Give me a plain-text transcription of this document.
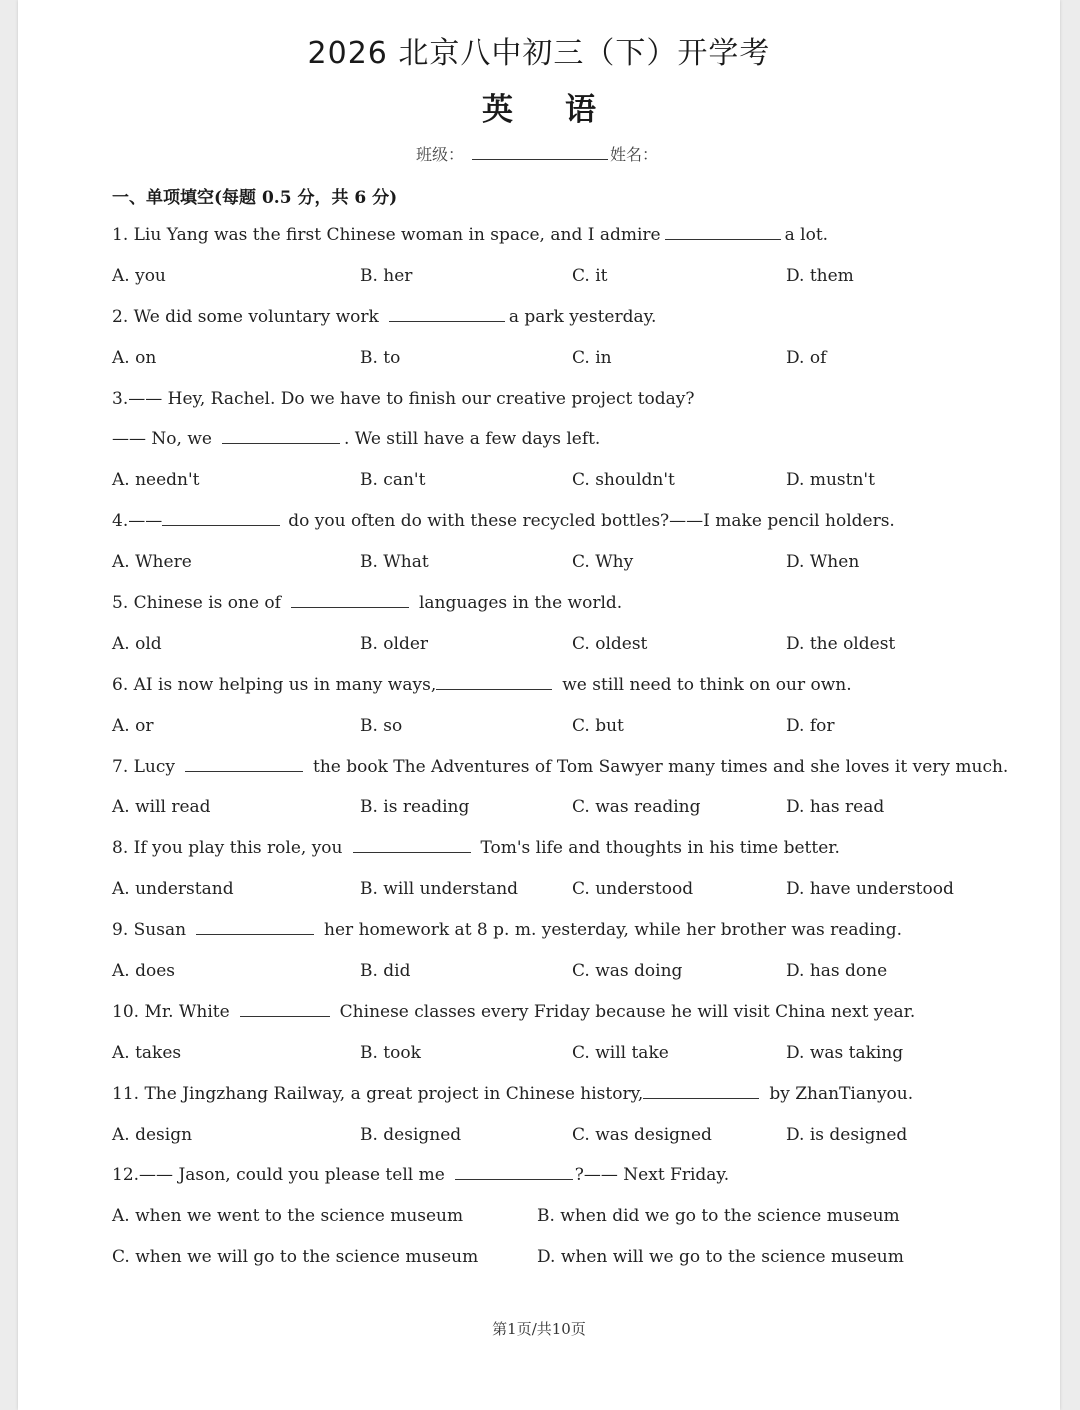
2026 北京八中初三（下）开学考
英语
班级：	姓名：
一、单项填空(每题 0.5 分，共 6 分)
1. Liu Yang was the first Chinese woman in space, and I admire	a lot.
A. you	B. her	C. it	D. them
2. We did some voluntary work	a park yesterday.
A. on	B. to	C. in	D. of
3.—— Hey, Rachel. Do we have to finish our creative project today?
—— No, we	. We still have a few days left.
A. needn't	B. can't	C. shouldn't	D. mustn't
4.——	do you often do with these recycled bottles?——I make pencil holders.
A. Where	B. What	C. Why	D. When
5. Chinese is one of	languages in the world.
A. old	B. older	C. oldest	D. the oldest
6. AI is now helping us in many ways,	we still need to think on our own.
A. or	B. so	C. but	D. for
7. Lucy	the book The Adventures of Tom Sawyer many times and she loves it very much.
A. will read	B. is reading	C. was reading	D. has read
8. If you play this role, you	Tom's life and thoughts in his time better.
A. understand	B. will understand	C. understood	D. have understood
9. Susan	her homework at 8 p. m. yesterday, while her brother was reading.
A. does	B. did	C. was doing	D. has done
10. Mr. White	Chinese classes every Friday because he will visit China next year.
A. takes	B. took	C. will take	D. was taking
11. The Jingzhang Railway, a great project in Chinese history,	by ZhanTianyou.
A. design	B. designed	C. was designed	D. is designed
12.—— Jason, could you please tell me	?—— Next Friday.
A. when we went to the science museum	B. when did we go to the science museum
C. when we will go to the science museum	D. when will we go to the science museum
第1页/共10页
